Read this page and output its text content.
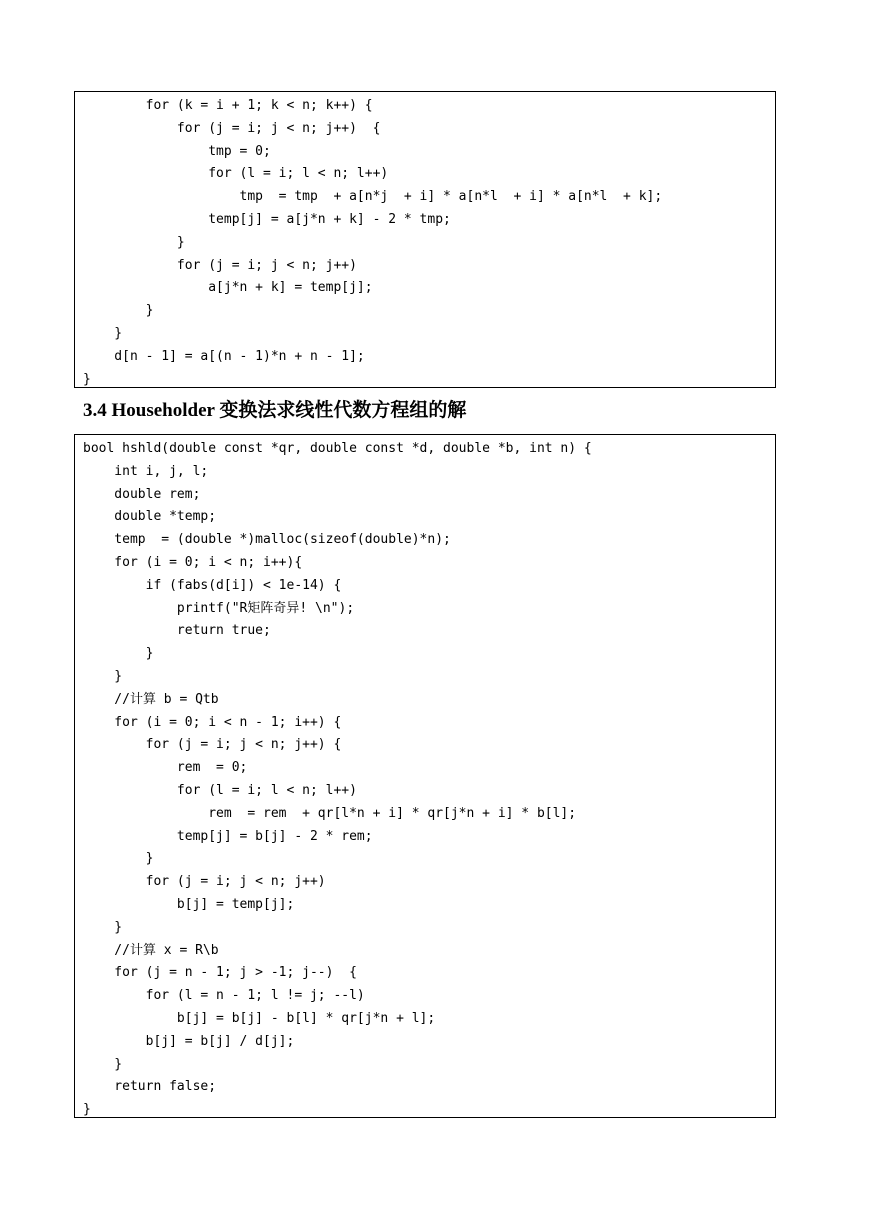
for (k = i + 1; k < n; k++) {
for (j = i; j < n; j++)  {
tmp = 0;
for (l = i; l < n; l++)
tmp  = tmp  + a[n*j  + i] * a[n*l  + i] * a[n*l  + k];
temp[j] = a[j*n + k] - 2 * tmp;
}
for (j = i; j < n; j++)
a[j*n + k] = temp[j];
}
}
d[n - 1] = a[(n - 1)*n + n - 1];
}
3.4 Householder 变换法求线性代数方程组的解
bool hshld(double const *qr, double const *d, double *b, int n) {
int i, j, l;
double rem;
double *temp;
temp  = (double *)malloc(sizeof(double)*n);
for (i = 0; i < n; i++){
if (fabs(d[i]) < 1e-14) {
printf("R矩阵奇异! \n");
return true;
}
}
//计算 b = Qtb
for (i = 0; i < n - 1; i++) {
for (j = i; j < n; j++) {
rem  = 0;
for (l = i; l < n; l++)
rem  = rem  + qr[l*n + i] * qr[j*n + i] * b[l];
temp[j] = b[j] - 2 * rem;
}
for (j = i; j < n; j++)
b[j] = temp[j];
}
//计算 x = R\b
for (j = n - 1; j > -1; j--)  {
for (l = n - 1; l != j; --l)
b[j] = b[j] - b[l] * qr[j*n + l];
b[j] = b[j] / d[j];
}
return false;
}
